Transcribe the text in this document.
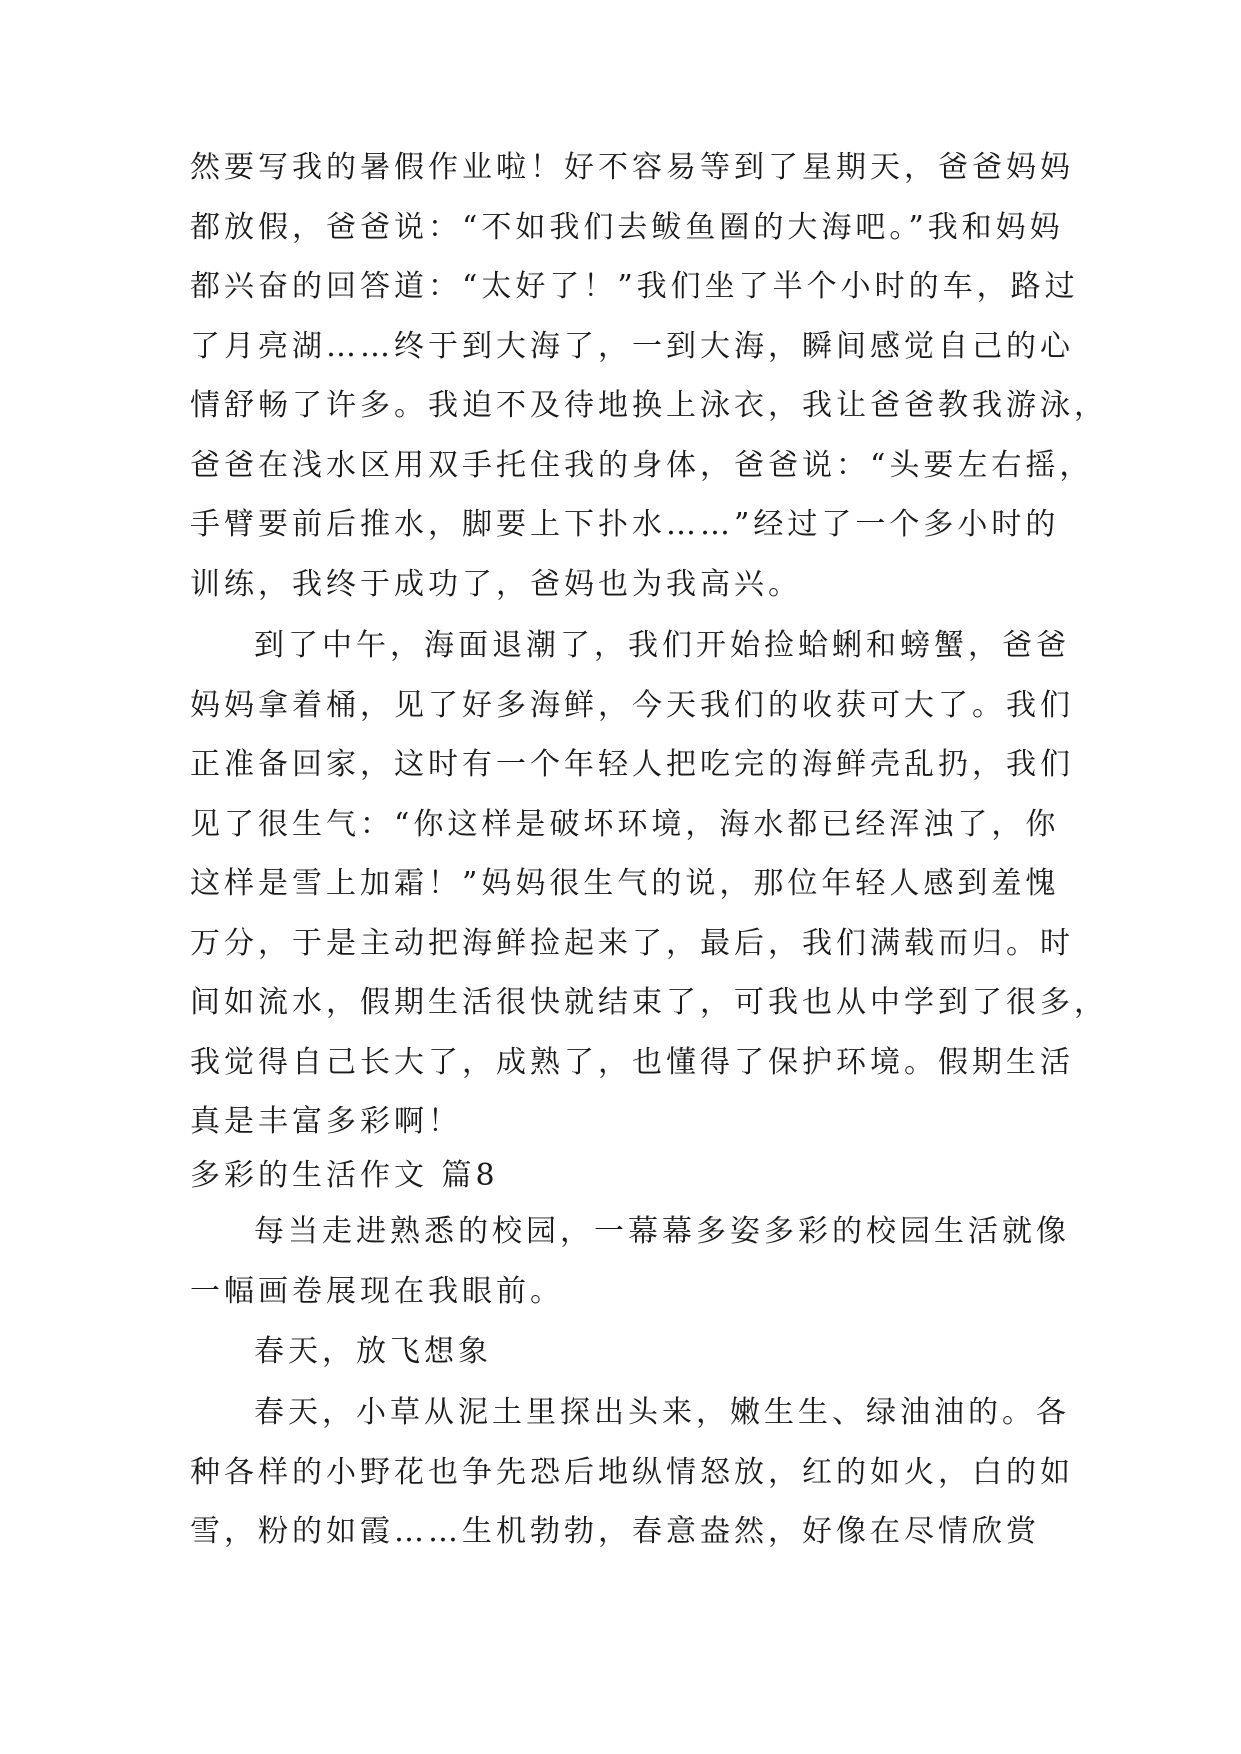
然要写我的暑假作业啦！好不容易等到了星期天，爸爸妈妈
都放假，爸爸说：“不如我们去鲅鱼圈的大海吧。”我和妈妈
都兴奋的回答道：“太好了！”我们坐了半个小时的车，路过
了月亮湖……终于到大海了，一到大海，瞬间感觉自己的心
情舒畅了许多。我迫不及待地换上泳衣，我让爸爸教我游泳，
爸爸在浅水区用双手托住我的身体，爸爸说：“头要左右摇，
手臂要前后推水，脚要上下扑水……”经过了一个多小时的
训练，我终于成功了，爸妈也为我高兴。
到了中午，海面退潮了，我们开始捡蛤蜊和螃蟹，爸爸
妈妈拿着桶，见了好多海鲜，今天我们的收获可大了。我们
正准备回家，这时有一个年轻人把吃完的海鲜壳乱扔，我们
见了很生气：“你这样是破坏环境，海水都已经浑浊了，你
这样是雪上加霜！”妈妈很生气的说，那位年轻人感到羞愧
万分，于是主动把海鲜捡起来了，最后，我们满载而归。时
间如流水，假期生活很快就结束了，可我也从中学到了很多，
我觉得自己长大了，成熟了，也懂得了保护环境。假期生活
真是丰富多彩啊！
多彩的生活作文 篇8
每当走进熟悉的校园，一幕幕多姿多彩的校园生活就像
一幅画卷展现在我眼前。
春天，放飞想象
春天，小草从泥土里探出头来，嫩生生、绿油油的。各
种各样的小野花也争先恐后地纵情怒放，红的如火，白的如
雪，粉的如霞……生机勃勃，春意盎然，好像在尽情欣赏
